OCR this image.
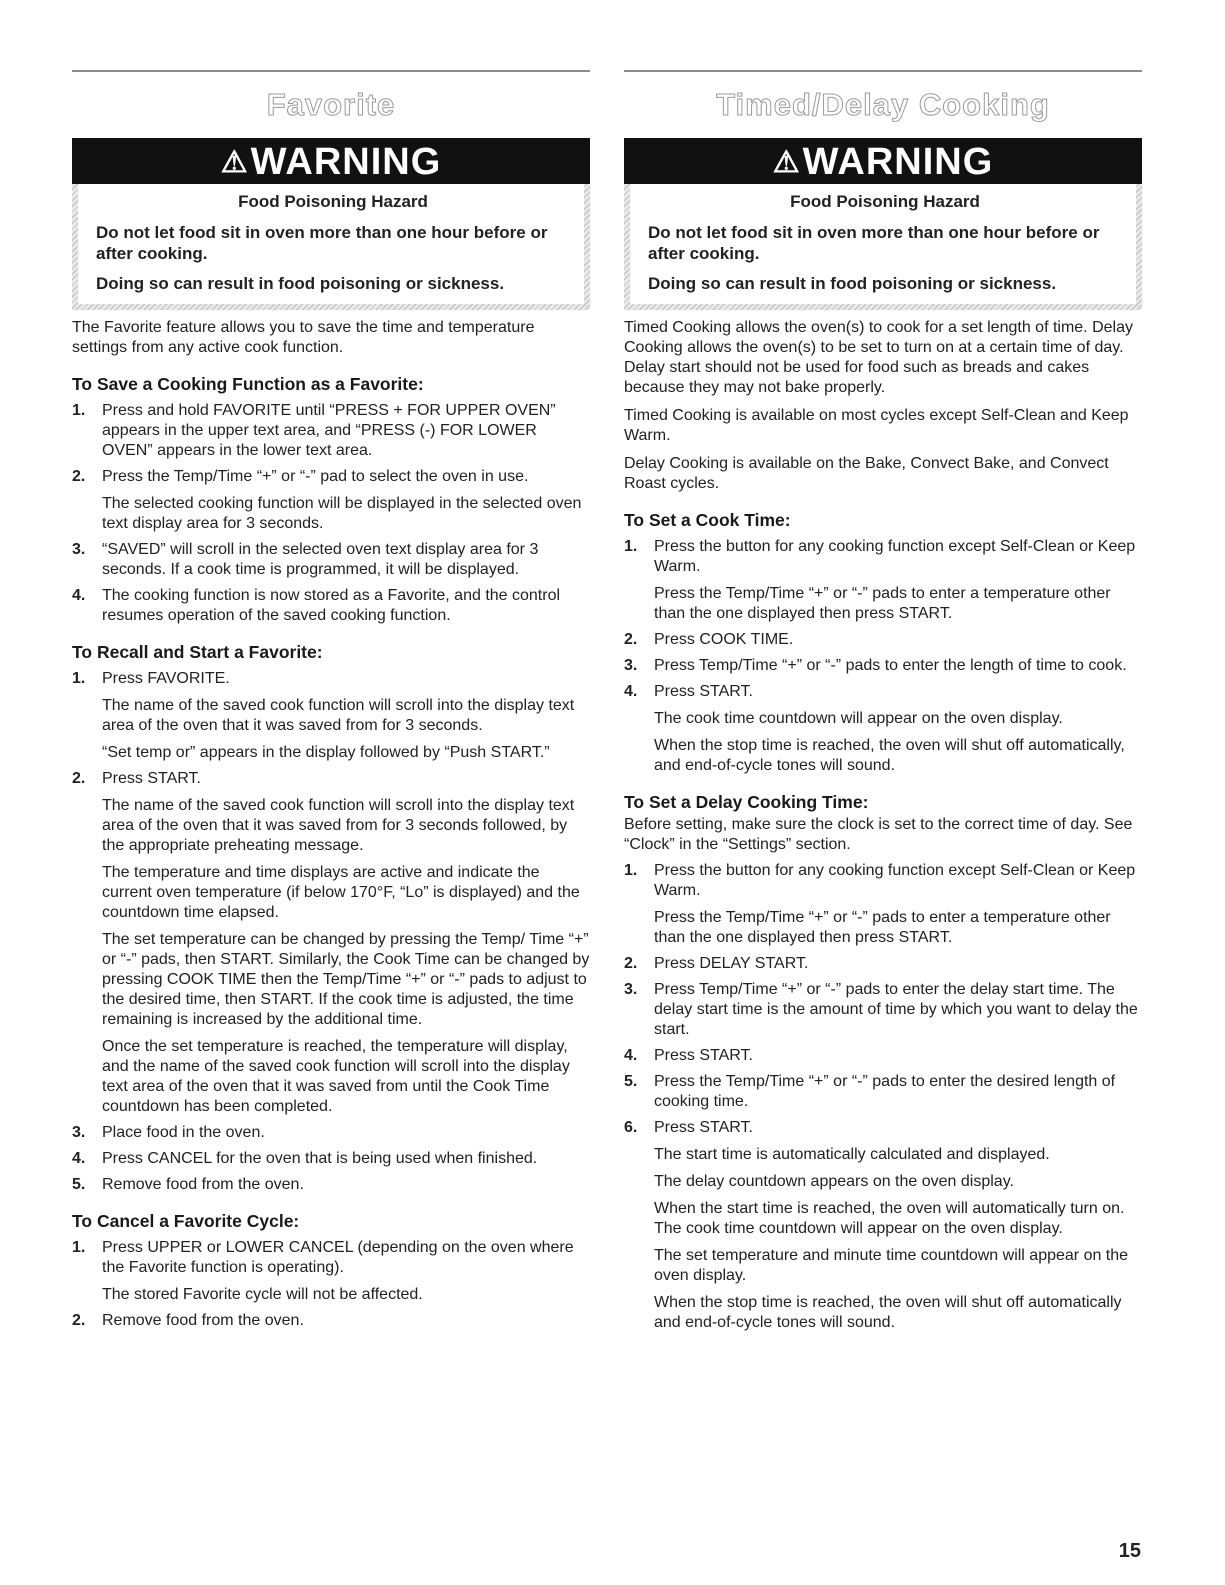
Favorite
⚠WARNING
Food Poisoning Hazard

Do not let food sit in oven more than one hour before or after cooking.

Doing so can result in food poisoning or sickness.

The Favorite feature allows you to save the time and temperature settings from any active cook function.

To Save a Cooking Function as a Favorite:
1. Press and hold FAVORITE until “PRESS + FOR UPPER OVEN” appears in the upper text area, and “PRESS (-) FOR LOWER OVEN” appears in the lower text area.
2. Press the Temp/Time “+” or “-” pad to select the oven in use.

The selected cooking function will be displayed in the selected oven text display area for 3 seconds.

3. “SAVED” will scroll in the selected oven text display area for 3 seconds. If a cook time is programmed, it will be displayed.
4. The cooking function is now stored as a Favorite, and the control resumes operation of the saved cooking function.
To Recall and Start a Favorite:
1. Press FAVORITE.

The name of the saved cook function will scroll into the display text area of the oven that it was saved from for 3 seconds.

“Set temp or” appears in the display followed by “Push START.”

2. Press START.

The name of the saved cook function will scroll into the display text area of the oven that it was saved from for 3 seconds followed, by the appropriate preheating message.

The temperature and time displays are active and indicate the current oven temperature (if below 170°F, “Lo” is displayed) and the countdown time elapsed.

The set temperature can be changed by pressing the Temp/ Time “+” or “-” pads, then START. Similarly, the Cook Time can be changed by pressing COOK TIME then the Temp/Time “+” or “-” pads to adjust to the desired time, then START. If the cook time is adjusted, the time remaining is increased by the additional time.

Once the set temperature is reached, the temperature will display, and the name of the saved cook function will scroll into the display text area of the oven that it was saved from until the Cook Time countdown has been completed.

3. Place food in the oven.
4. Press CANCEL for the oven that is being used when finished.
5. Remove food from the oven.
To Cancel a Favorite Cycle:
1. Press UPPER or LOWER CANCEL (depending on the oven where the Favorite function is operating).

The stored Favorite cycle will not be affected.

2. Remove food from the oven.
Timed/Delay Cooking
⚠WARNING
Food Poisoning Hazard

Do not let food sit in oven more than one hour before or after cooking.

Doing so can result in food poisoning or sickness.

Timed Cooking allows the oven(s) to cook for a set length of time. Delay Cooking allows the oven(s) to be set to turn on at a certain time of day. Delay start should not be used for food such as breads and cakes because they may not bake properly.

Timed Cooking is available on most cycles except Self-Clean and Keep Warm.

Delay Cooking is available on the Bake, Convect Bake, and Convect Roast cycles.

To Set a Cook Time:
1. Press the button for any cooking function except Self-Clean or Keep Warm.

Press the Temp/Time “+” or “-” pads to enter a temperature other than the one displayed then press START.

2. Press COOK TIME.
3. Press Temp/Time “+” or “-” pads to enter the length of time to cook.
4. Press START.

The cook time countdown will appear on the oven display.

When the stop time is reached, the oven will shut off automatically, and end-of-cycle tones will sound.

To Set a Delay Cooking Time:

Before setting, make sure the clock is set to the correct time of day. See “Clock” in the “Settings” section.

1. Press the button for any cooking function except Self-Clean or Keep Warm.

Press the Temp/Time “+” or “-” pads to enter a temperature other than the one displayed then press START.

2. Press DELAY START.
3. Press Temp/Time “+” or “-” pads to enter the delay start time. The delay start time is the amount of time by which you want to delay the start.
4. Press START.
5. Press the Temp/Time “+” or “-” pads to enter the desired length of cooking time.
6. Press START.

The start time is automatically calculated and displayed.

The delay countdown appears on the oven display.

When the start time is reached, the oven will automatically turn on. The cook time countdown will appear on the oven display.

The set temperature and minute time countdown will appear on the oven display.

When the stop time is reached, the oven will shut off automatically and end-of-cycle tones will sound.

15
